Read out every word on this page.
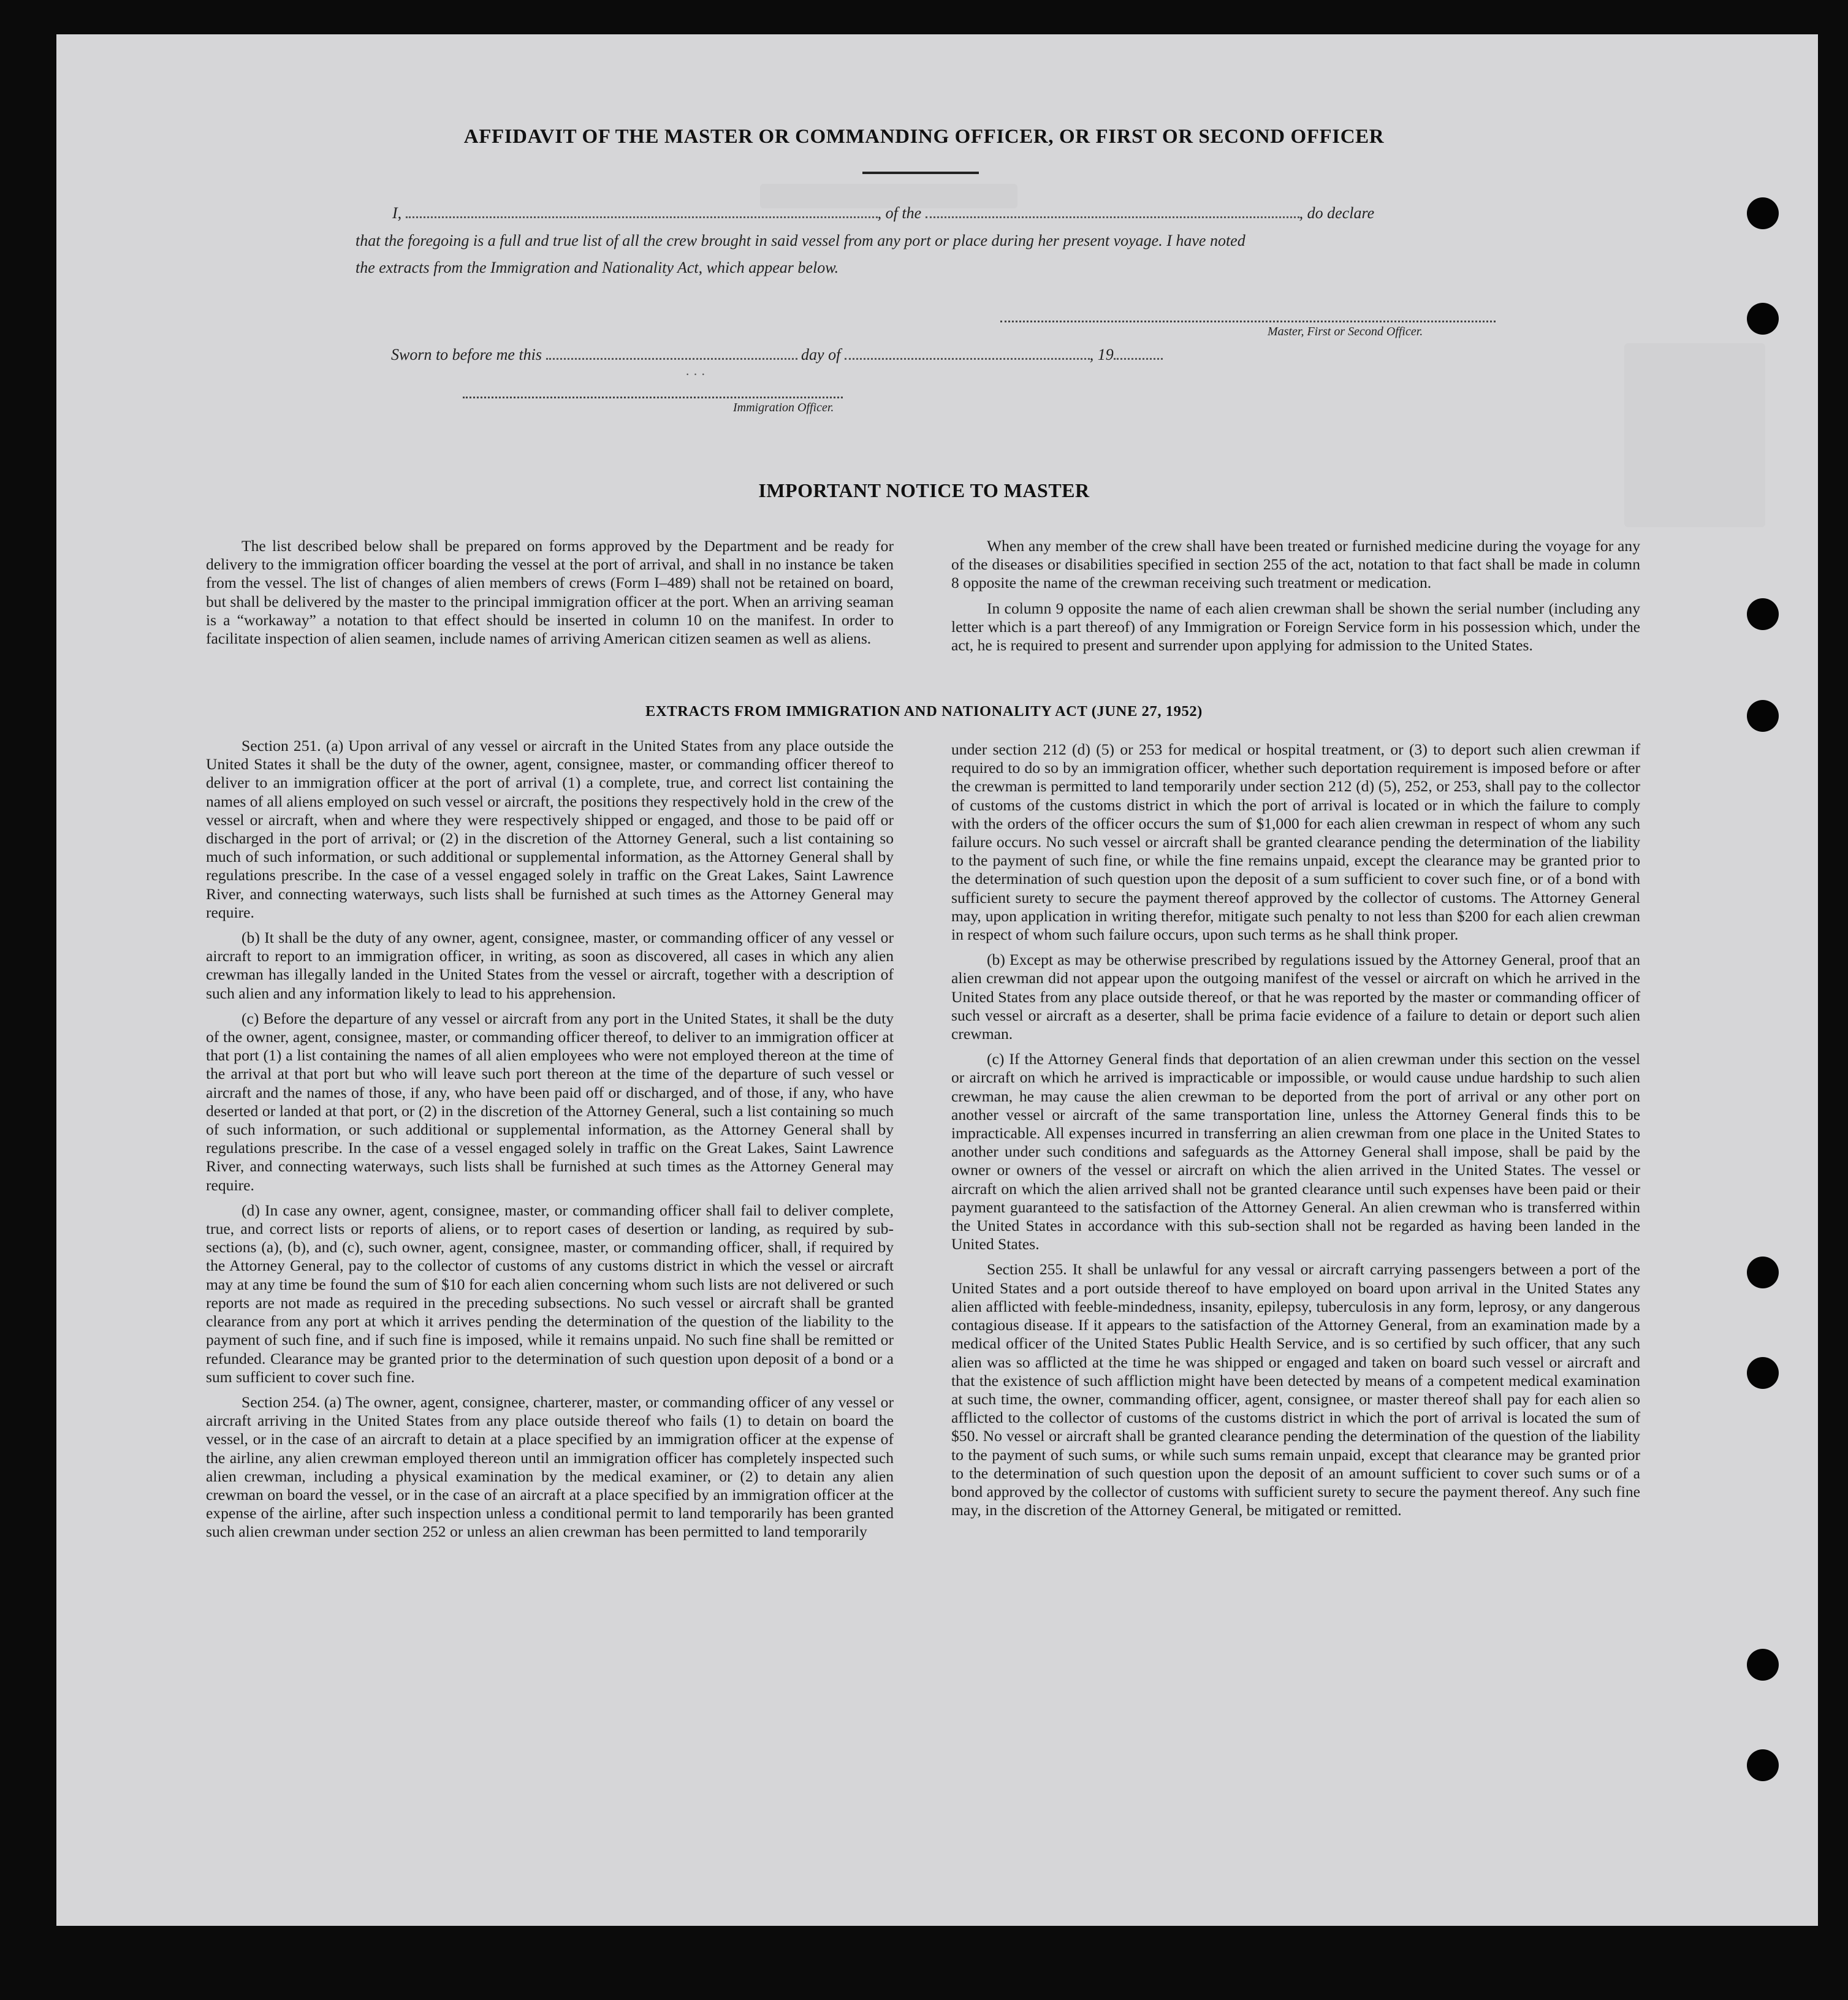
AFFIDAVIT OF THE MASTER OR COMMANDING OFFICER, OR FIRST OR SECOND OFFICER
I,	, of the	, do declare
that the foregoing is a full and true list of all the crew brought in said vessel from any port or place during her present voyage. I have noted
the extracts from the Immigration and Nationality Act, which appear below.
Master, First or Second Officer.
Sworn to before me this	day of	, 19
· · ·
Immigration Officer.
IMPORTANT NOTICE TO MASTER

The list described below shall be prepared on forms approved by the Department and be ready for delivery to the immigration officer boarding the vessel at the port of arrival, and shall in no instance be taken from the vessel. The list of changes of alien members of crews (Form I–489) shall not be retained on board, but shall be delivered by the master to the principal immigration officer at the port. When an arriving seaman is a “workaway” a notation to that effect should be inserted in column 10 on the manifest. In order to facilitate inspection of alien seamen, include names of arriving American citizen seamen as well as aliens.

When any member of the crew shall have been treated or furnished medicine during the voyage for any of the diseases or disabilities specified in section 255 of the act, notation to that fact shall be made in column 8 opposite the name of the crewman receiving such treatment or medication.

In column 9 opposite the name of each alien crewman shall be shown the serial number (including any letter which is a part thereof) of any Immigration or Foreign Service form in his possession which, under the act, he is required to present and surrender upon applying for admission to the United States.

EXTRACTS FROM IMMIGRATION AND NATIONALITY ACT (JUNE 27, 1952)

Section 251. (a) Upon arrival of any vessel or aircraft in the United States from any place outside the United States it shall be the duty of the owner, agent, consignee, master, or commanding officer thereof to deliver to an immigration officer at the port of arrival (1) a complete, true, and correct list containing the names of all aliens employed on such vessel or aircraft, the positions they respectively hold in the crew of the vessel or aircraft, when and where they were respectively shipped or engaged, and those to be paid off or discharged in the port of arrival; or (2) in the discretion of the Attorney General, such a list containing so much of such information, or such additional or supplemental information, as the Attorney General shall by regulations prescribe. In the case of a vessel engaged solely in traffic on the Great Lakes, Saint Lawrence River, and connecting waterways, such lists shall be furnished at such times as the Attorney General may require.

(b) It shall be the duty of any owner, agent, consignee, master, or commanding officer of any vessel or aircraft to report to an immigration officer, in writing, as soon as discovered, all cases in which any alien crewman has illegally landed in the United States from the vessel or aircraft, together with a description of such alien and any information likely to lead to his apprehension.

(c) Before the departure of any vessel or aircraft from any port in the United States, it shall be the duty of the owner, agent, consignee, master, or commanding officer thereof, to deliver to an immigration officer at that port (1) a list containing the names of all alien employees who were not employed thereon at the time of the arrival at that port but who will leave such port thereon at the time of the departure of such vessel or aircraft and the names of those, if any, who have been paid off or discharged, and of those, if any, who have deserted or landed at that port, or (2) in the discretion of the Attorney General, such a list containing so much of such information, or such additional or supplemental information, as the Attorney General shall by regulations prescribe. In the case of a vessel engaged solely in traffic on the Great Lakes, Saint Lawrence River, and connecting waterways, such lists shall be furnished at such times as the Attorney General may require.

(d) In case any owner, agent, consignee, master, or commanding officer shall fail to deliver complete, true, and correct lists or reports of aliens, or to report cases of desertion or landing, as required by sub-sections (a), (b), and (c), such owner, agent, consignee, master, or commanding officer, shall, if required by the Attorney General, pay to the collector of customs of any customs district in which the vessel or aircraft may at any time be found the sum of $10 for each alien concerning whom such lists are not delivered or such reports are not made as required in the preceding subsections. No such vessel or aircraft shall be granted clearance from any port at which it arrives pending the determination of the question of the liability to the payment of such fine, and if such fine is imposed, while it remains unpaid. No such fine shall be remitted or refunded. Clearance may be granted prior to the determination of such question upon deposit of a bond or a sum sufficient to cover such fine.

Section 254. (a) The owner, agent, consignee, charterer, master, or commanding officer of any vessel or aircraft arriving in the United States from any place outside thereof who fails (1) to detain on board the vessel, or in the case of an aircraft to detain at a place specified by an immigration officer at the expense of the airline, any alien crewman employed thereon until an immigration officer has completely inspected such alien crewman, including a physical examination by the medical examiner, or (2) to detain any alien crewman on board the vessel, or in the case of an aircraft at a place specified by an immigration officer at the expense of the airline, after such inspection unless a conditional permit to land temporarily has been granted such alien crewman under section 252 or unless an alien crewman has been permitted to land temporarily

under section 212 (d) (5) or 253 for medical or hospital treatment, or (3) to deport such alien crewman if required to do so by an immigration officer, whether such deportation requirement is imposed before or after the crewman is permitted to land temporarily under section 212 (d) (5), 252, or 253, shall pay to the collector of customs of the customs district in which the port of arrival is located or in which the failure to comply with the orders of the officer occurs the sum of $1,000 for each alien crewman in respect of whom any such failure occurs. No such vessel or aircraft shall be granted clearance pending the determination of the liability to the payment of such fine, or while the fine remains unpaid, except the clearance may be granted prior to the determination of such question upon the deposit of a sum sufficient to cover such fine, or of a bond with sufficient surety to secure the payment thereof approved by the collector of customs. The Attorney General may, upon application in writing therefor, mitigate such penalty to not less than $200 for each alien crewman in respect of whom such failure occurs, upon such terms as he shall think proper.

(b) Except as may be otherwise prescribed by regulations issued by the Attorney General, proof that an alien crewman did not appear upon the outgoing manifest of the vessel or aircraft on which he arrived in the United States from any place outside thereof, or that he was reported by the master or commanding officer of such vessel or aircraft as a deserter, shall be prima facie evidence of a failure to detain or deport such alien crewman.

(c) If the Attorney General finds that deportation of an alien crewman under this section on the vessel or aircraft on which he arrived is impracticable or impossible, or would cause undue hardship to such alien crewman, he may cause the alien crewman to be deported from the port of arrival or any other port on another vessel or aircraft of the same transportation line, unless the Attorney General finds this to be impracticable. All expenses incurred in transferring an alien crewman from one place in the United States to another under such conditions and safeguards as the Attorney General shall impose, shall be paid by the owner or owners of the vessel or aircraft on which the alien arrived in the United States. The vessel or aircraft on which the alien arrived shall not be granted clearance until such expenses have been paid or their payment guaranteed to the satisfaction of the Attorney General. An alien crewman who is transferred within the United States in accordance with this sub-section shall not be regarded as having been landed in the United States.

Section 255. It shall be unlawful for any vessal or aircraft carrying passengers between a port of the United States and a port outside thereof to have employed on board upon arrival in the United States any alien afflicted with feeble-mindedness, insanity, epilepsy, tuberculosis in any form, leprosy, or any dangerous contagious disease. If it appears to the satisfaction of the Attorney General, from an examination made by a medical officer of the United States Public Health Service, and is so certified by such officer, that any such alien was so afflicted at the time he was shipped or engaged and taken on board such vessel or aircraft and that the existence of such affliction might have been detected by means of a competent medical examination at such time, the owner, commanding officer, agent, consignee, or master thereof shall pay for each alien so afflicted to the collector of customs of the customs district in which the port of arrival is located the sum of $50. No vessel or aircraft shall be granted clearance pending the determination of the question of the liability to the payment of such sums, or while such sums remain unpaid, except that clearance may be granted prior to the determination of such question upon the deposit of an amount sufficient to cover such sums or of a bond approved by the collector of customs with sufficient surety to secure the payment thereof. Any such fine may, in the discretion of the Attorney General, be mitigated or remitted.
